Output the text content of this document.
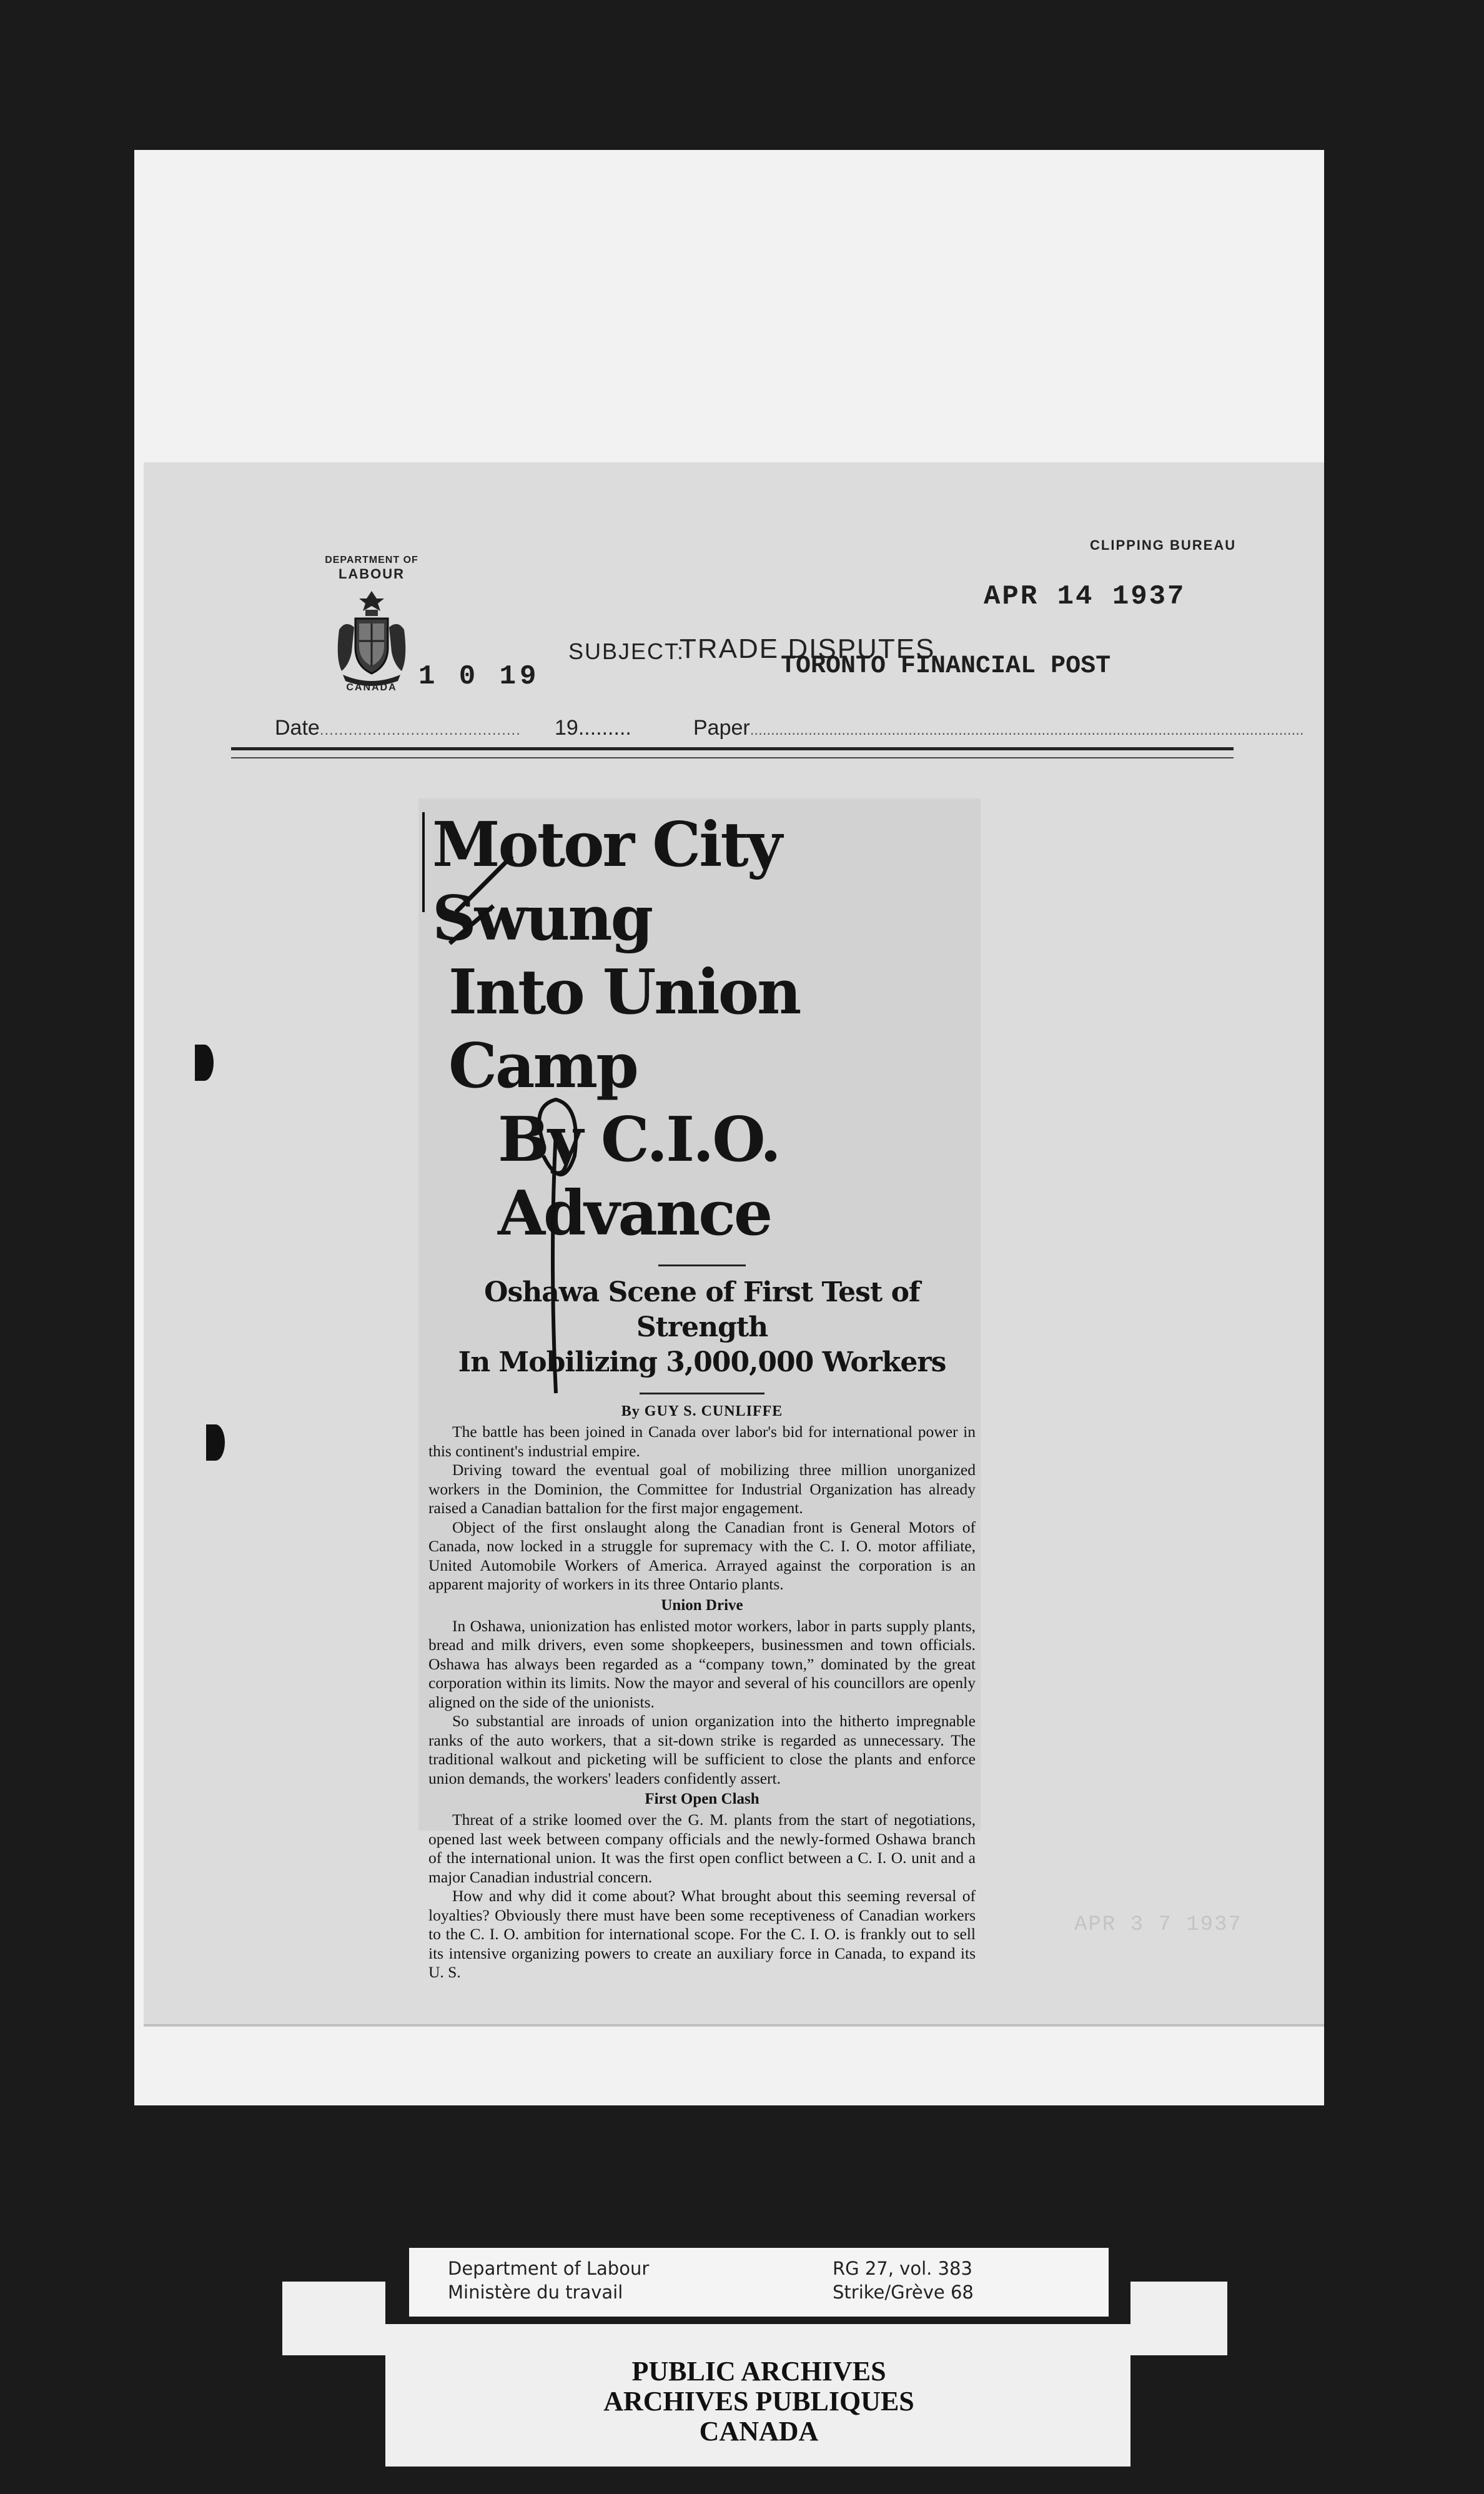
DEPARTMENT OF
LABOUR
CANADA 1 0 19
CLIPPING BUREAU
APR 14 1937
SUBJECT:
TRADE DISPUTES
TORONTO FINANCIAL POST
Date.......................................... 19.........	Paper.....................................................................................................................................
Motor City Swung
Into Union Camp
By C.I.O. Advance
Oshawa Scene of First Test of Strength
In Mobilizing 3,000,000 Workers

By GUY S. CUNLIFFE

The battle has been joined in Canada over labor's bid for international power in this continent's industrial empire.

Driving toward the eventual goal of mobilizing three million unorganized workers in the Dominion, the Committee for Industrial Organization has already raised a Canadian battalion for the first major engagement.

Object of the first onslaught along the Canadian front is General Motors of Canada, now locked in a struggle for supremacy with the C. I. O. motor affiliate, United Automobile Workers of America. Arrayed against the corporation is an apparent majority of workers in its three Ontario plants.

Union Drive

In Oshawa, unionization has enlisted motor workers, labor in parts supply plants, bread and milk drivers, even some shopkeepers, businessmen and town officials. Oshawa has always been regarded as a “company town,” dominated by the great corporation within its limits. Now the mayor and several of his councillors are openly aligned on the side of the unionists.

So substantial are inroads of union organization into the hitherto impregnable ranks of the auto workers, that a sit-down strike is regarded as unnecessary. The traditional walkout and picketing will be sufficient to close the plants and enforce union demands, the workers' leaders confidently assert.

First Open Clash

Threat of a strike loomed over the G. M. plants from the start of negotiations, opened last week between company officials and the newly-formed Oshawa branch of the international union. It was the first open conflict between a C. I. O. unit and a major Canadian industrial concern.

How and why did it come about? What brought about this seeming reversal of loyalties? Obviously there must have been some receptiveness of Canadian workers to the C. I. O. ambition for international scope. For the C. I. O. is frankly out to sell its intensive organizing powers to create an auxiliary force in Canada, to expand its U. S.

APR 3 7 1937
Department of Labour
Ministère du travail
RG 27, vol. 383
Strike/Grève 68
PUBLIC ARCHIVES
ARCHIVES PUBLIQUES
CANADA
